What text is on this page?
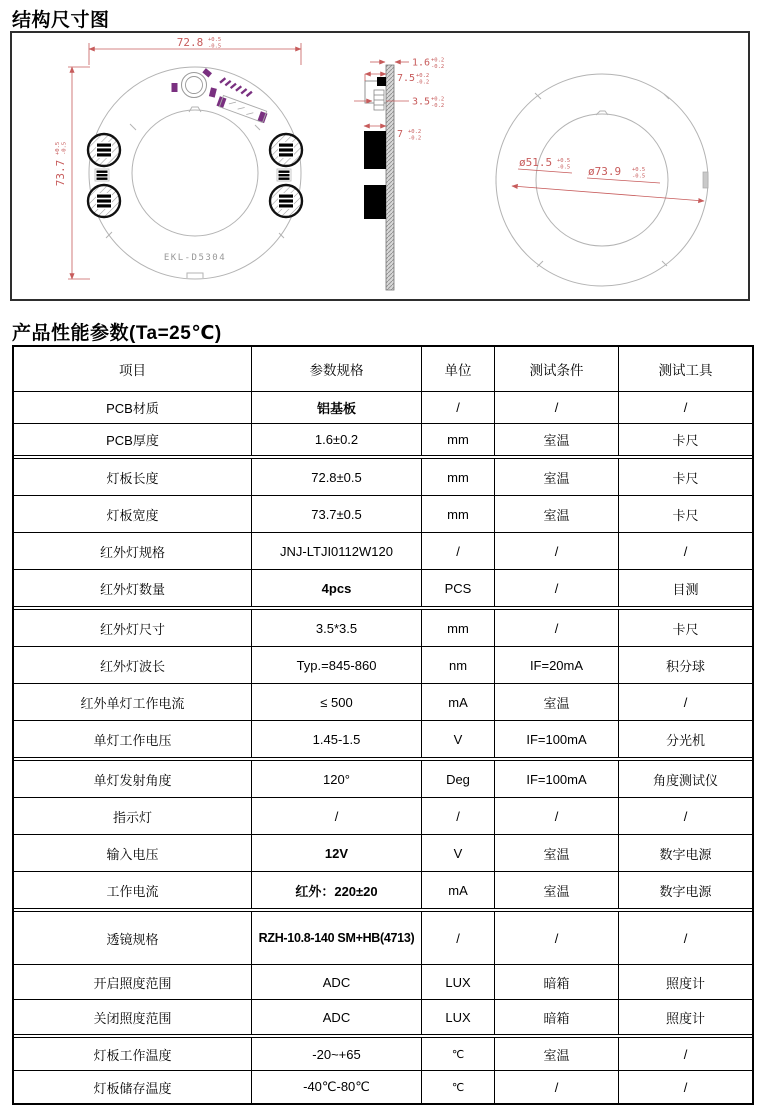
结构尺寸图
EKL-D5304
72.8 +0.5
-0.5
73.7
+0.5 -0.5
1.6 +0.2
-0.2
7.5 +0.2
-0.2
3.5 +0.2
-0.2
7 +0.2
-0.2
ø51.5 +0.5
-0.5 ø73.9 +0.5
-0.5
产品性能参数(Ta=25℃)
项目	参数规格	单位	测试条件	测试工具
PCB材质	铝基板	/	/	/
PCB厚度	1.6±0.2	mm	室温	卡尺
灯板长度	72.8±0.5	mm	室温	卡尺
灯板宽度	73.7±0.5	mm	室温	卡尺
红外灯规格	JNJ-LTJI0112W120	/	/	/
红外灯数量	4pcs	PCS	/	目测
红外灯尺寸	3.5*3.5	mm	/	卡尺
红外灯波长	Typ.=845-860	nm	IF=20mA	积分球
红外单灯工作电流	≤ 500	mA	室温	/
单灯工作电压	1.45-1.5	V	IF=100mA	分光机
单灯发射角度	120°	Deg	IF=100mA	角度测试仪
指示灯	/	/	/	/
输入电压	12V	V	室温	数字电源
工作电流	红外：220±20	mA	室温	数字电源
透镜规格	RZH-10.8-140 SM+HB(4713)	/	/	/
开启照度范围	ADC	LUX	暗箱	照度计
关闭照度范围	ADC	LUX	暗箱	照度计
灯板工作温度	-20~+65	℃	室温	/
灯板储存温度	-40℃-80℃	℃	/	/
